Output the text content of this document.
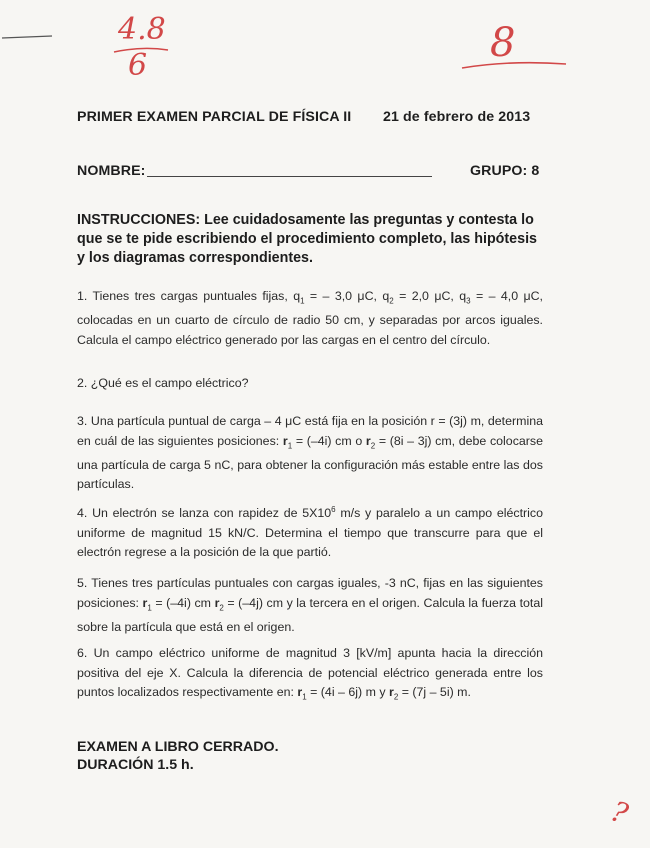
4.8
6	8
?
PRIMER EXAMEN PARCIAL DE FÍSICA II 21 de febrero de 2013
NOMBRE:	GRUPO: 8
INSTRUCCIONES: Lee cuidadosamente las preguntas y contesta lo que se te pide escribiendo el procedimiento completo, las hipótesis y los diagramas correspondientes.
1. Tienes tres cargas puntuales fijas, $q_1$ = – 3,0 μC, $q_2 = 2,0$ μC, $q_3$ = – 4,0 μC, colocadas en un cuarto de círculo de radio 50 cm, y separadas por arcos iguales. Calcula el campo eléctrico generado por las cargas en el centro del círculo.
2. ¿Qué es el campo eléctrico?
3. Una partícula puntual de carga – 4 μC está fija en la posición r = (3j) m, determina en cuál de las siguientes posiciones: $r_1 = (-4i)$ cm o $r_2 = (8i - 3j)$ cm, debe colocarse una partícula de carga 5 nC, para obtener la configuración más estable entre las dos partículas.
4. Un electrón se lanza con rapidez de $5X10^6$ m/s y paralelo a un campo eléctrico uniforme de magnitud 15 kN/C. Determina el tiempo que transcurre para que el electrón regrese a la posición de la que partió.
5. Tienes tres partículas puntuales con cargas iguales, -3 nC, fijas en las siguientes posiciones: $r_1 = (-4i)$ cm $r_2 = (-4j)$ cm y la tercera en el origen. Calcula la fuerza total sobre la partícula que está en el origen.
6. Un campo eléctrico uniforme de magnitud 3 [kV/m] apunta hacia la dirección positiva del eje X. Calcula la diferencia de potencial eléctrico generada entre los puntos localizados respectivamente en: $r_1 = (4i - 6j)$ m y $r_2 = (7j - 5i)$ m.
EXAMEN A LIBRO CERRADO.
DURACIÓN 1.5 h.
